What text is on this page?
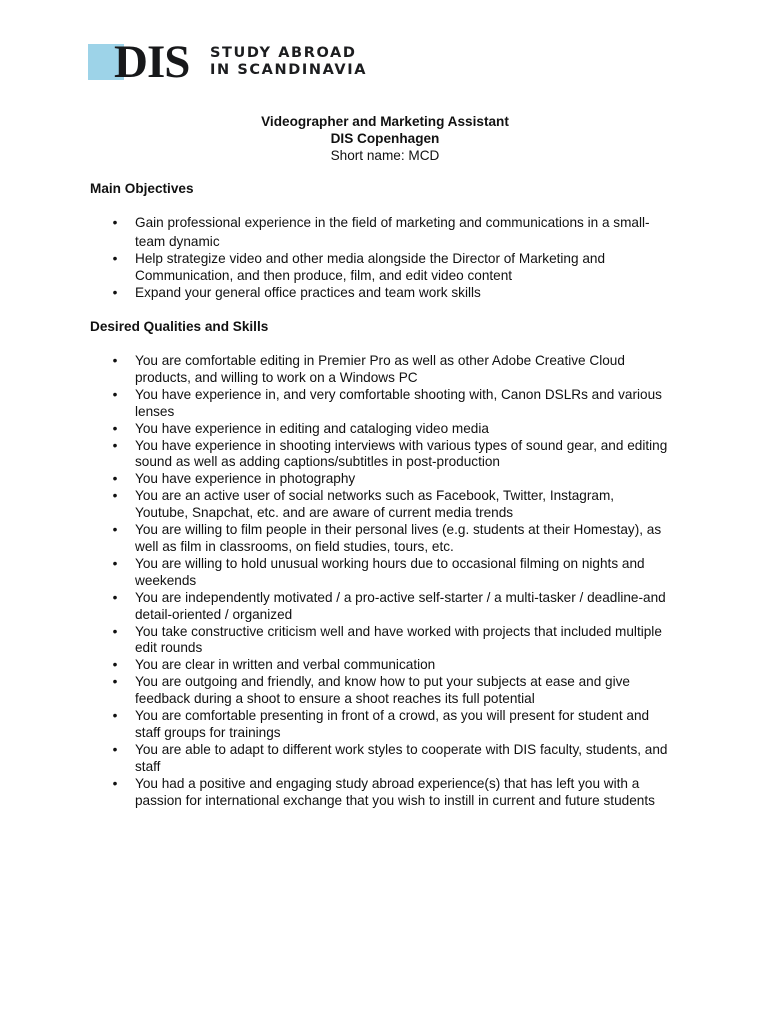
DIS STUDY ABROAD
IN SCANDINAVIA
Videographer and Marketing Assistant
DIS Copenhagen
Short name: MCD
Main Objectives
• Gain professional experience in the field of marketing and communications in a small-team dynamic
• Help strategize video and other media alongside the Director of Marketing and Communication, and then produce, film, and edit video content
• Expand your general office practices and team work skills
Desired Qualities and Skills
• You are comfortable editing in Premier Pro as well as other Adobe Creative Cloud products, and willing to work on a Windows PC
• You have experience in, and very comfortable shooting with, Canon DSLRs and various lenses
• You have experience in editing and cataloging video media
• You have experience in shooting interviews with various types of sound gear, and editing sound as well as adding captions/subtitles in post-production
• You have experience in photography
• You are an active user of social networks such as Facebook, Twitter, Instagram, Youtube, Snapchat, etc. and are aware of current media trends
• You are willing to film people in their personal lives (e.g. students at their Homestay), as well as film in classrooms, on field studies, tours, etc.
• You are willing to hold unusual working hours due to occasional filming on nights and weekends
• You are independently motivated / a pro-active self-starter / a multi-tasker / deadline-and detail-oriented / organized
• You take constructive criticism well and have worked with projects that included multiple edit rounds
• You are clear in written and verbal communication
• You are outgoing and friendly, and know how to put your subjects at ease and give feedback during a shoot to ensure a shoot reaches its full potential
• You are comfortable presenting in front of a crowd, as you will present for student and staff groups for trainings
• You are able to adapt to different work styles to cooperate with DIS faculty, students, and staff
• You had a positive and engaging study abroad experience(s) that has left you with a passion for international exchange that you wish to instill in current and future students
